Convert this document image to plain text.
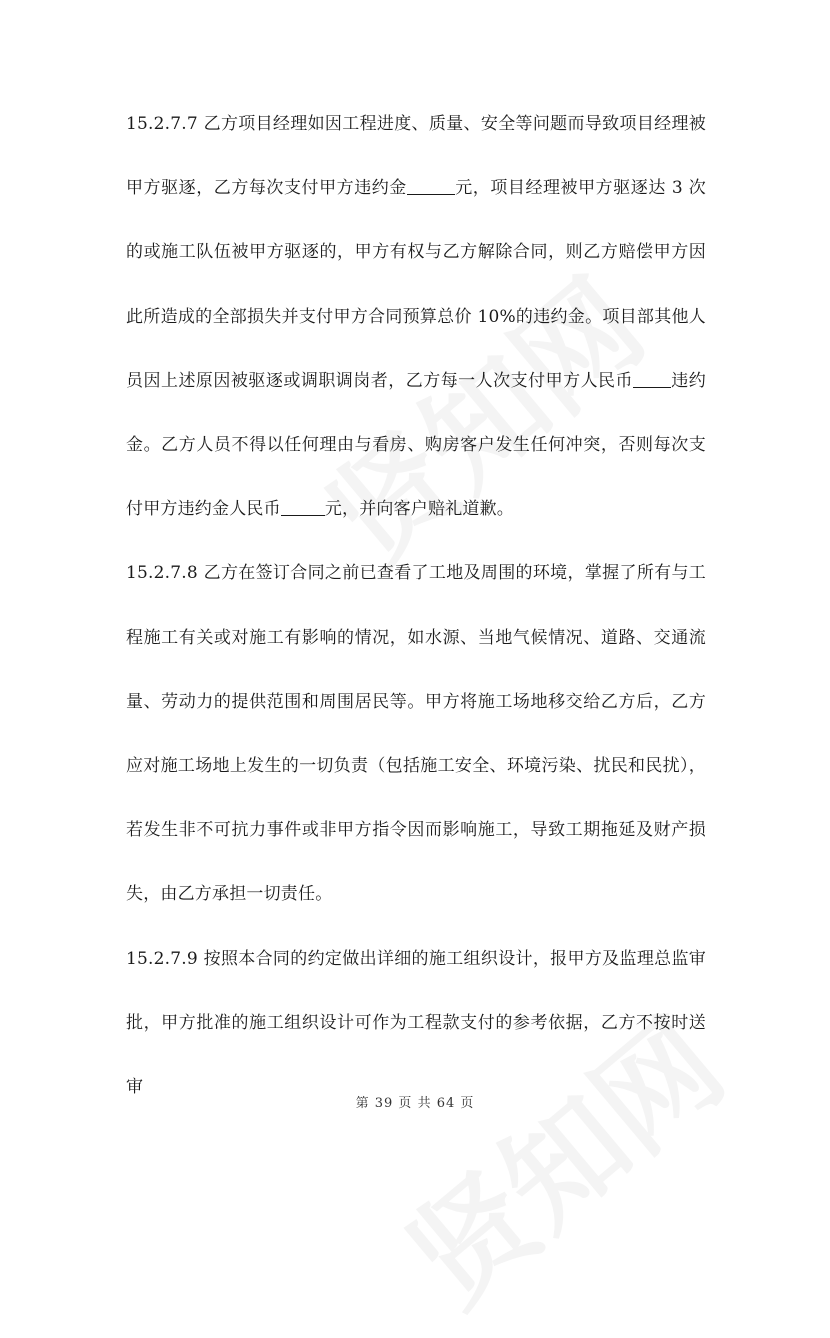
15.2.7.7 乙方项目经理如因工程进度、质量、安全等问题而导致项目经理被甲方驱逐，乙方每次支付甲方违约金	元，项目经理被甲方驱逐达 3 次的或施工队伍被甲方驱逐的，甲方有权与乙方解除合同，则乙方赔偿甲方因此所造成的全部损失并支付甲方合同预算总价 10%的违约金。项目部其他人员因上述原因被驱逐或调职调岗者，乙方每一人次支付甲方人民币 违约金。乙方人员不得以任何理由与看房、购房客户发生任何冲突，否则每次支付甲方违约金人民币	元，并向客户赔礼道歉。

15.2.7.8 乙方在签订合同之前已查看了工地及周围的环境，掌握了所有与工程施工有关或对施工有影响的情况，如水源、当地气候情况、道路、交通流量、劳动力的提供范围和周围居民等。甲方将施工场地移交给乙方后，乙方应对施工场地上发生的一切负责（包括施工安全、环境污染、扰民和民扰），若发生非不可抗力事件或非甲方指令因而影响施工，导致工期拖延及财产损失，由乙方承担一切责任。

15.2.7.9 按照本合同的约定做出详细的施工组织设计，报甲方及监理总监审批，甲方批准的施工组织设计可作为工程款支付的参考依据，乙方不按时送审

第 39 页 共 64 页
